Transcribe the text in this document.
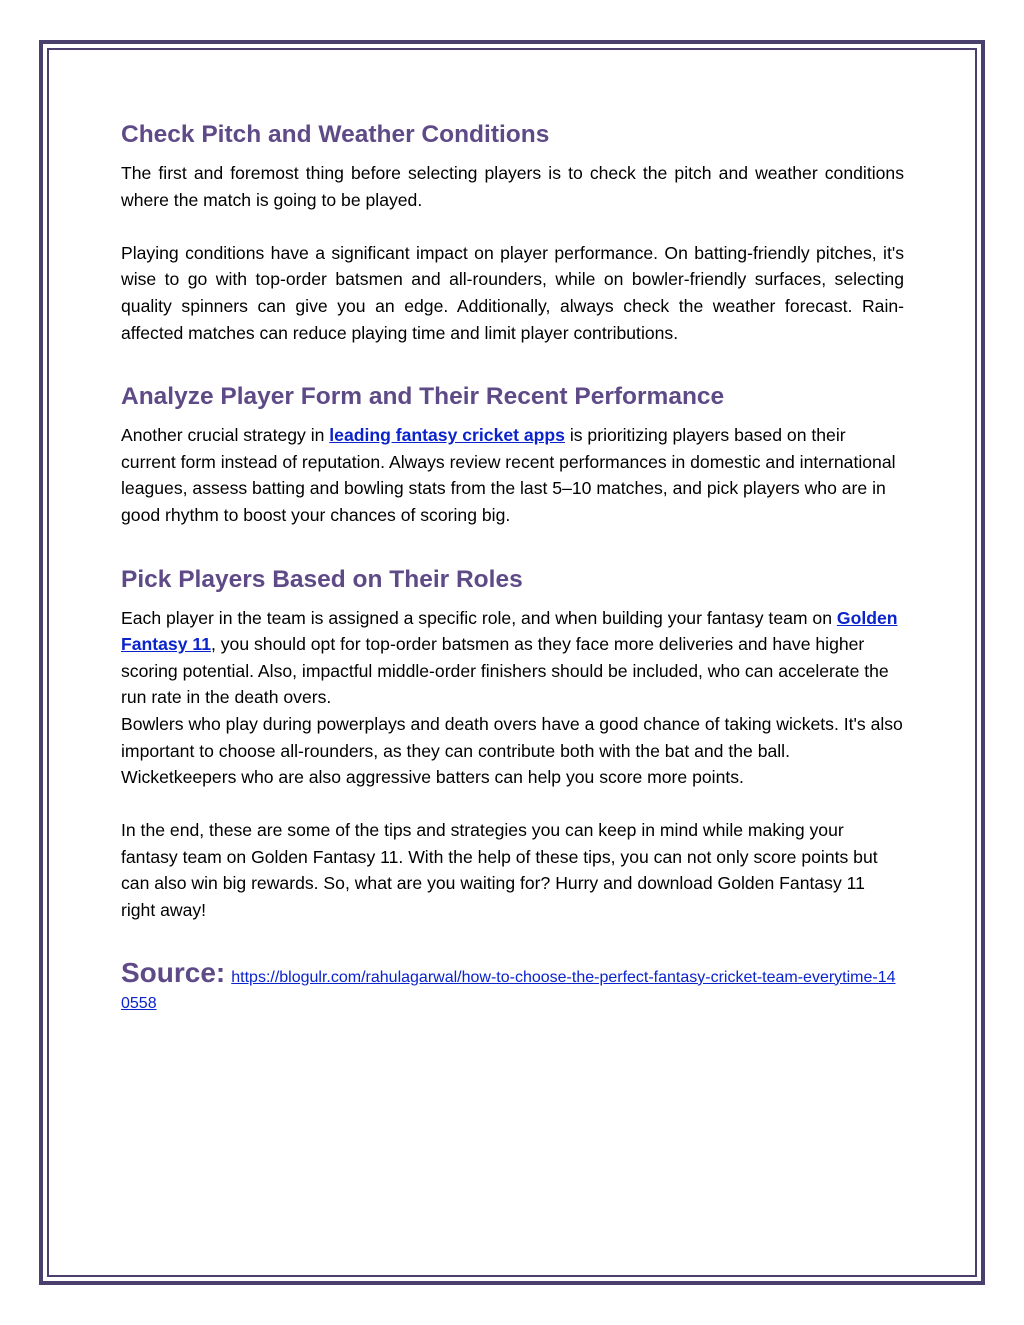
Check Pitch and Weather Conditions

The first and foremost thing before selecting players is to check the pitch and weather conditions where the match is going to be played.

Playing conditions have a significant impact on player performance. On batting-friendly pitches, it's wise to go with top-order batsmen and all-rounders, while on bowler-friendly surfaces, selecting quality spinners can give you an edge. Additionally, always check the weather forecast. Rain-affected matches can reduce playing time and limit player contributions.

Analyze Player Form and Their Recent Performance

Another crucial strategy in leading fantasy cricket apps is prioritizing players based on their current form instead of reputation. Always review recent performances in domestic and international leagues, assess batting and bowling stats from the last 5–10 matches, and pick players who are in good rhythm to boost your chances of scoring big.

Pick Players Based on Their Roles

Each player in the team is assigned a specific role, and when building your fantasy team on Golden Fantasy 11, you should opt for top-order batsmen as they face more deliveries and have higher scoring potential. Also, impactful middle-order finishers should be included, who can accelerate the run rate in the death overs.

Bowlers who play during powerplays and death overs have a good chance of taking wickets. It's also important to choose all-rounders, as they can contribute both with the bat and the ball. Wicketkeepers who are also aggressive batters can help you score more points.

In the end, these are some of the tips and strategies you can keep in mind while making your fantasy team on Golden Fantasy 11. With the help of these tips, you can not only score points but can also win big rewards. So, what are you waiting for? Hurry and download Golden Fantasy 11 right away!

Source: https://blogulr.com/rahulagarwal/how-to-choose-the-perfect-fantasy-cricket-team-everytime-140558
